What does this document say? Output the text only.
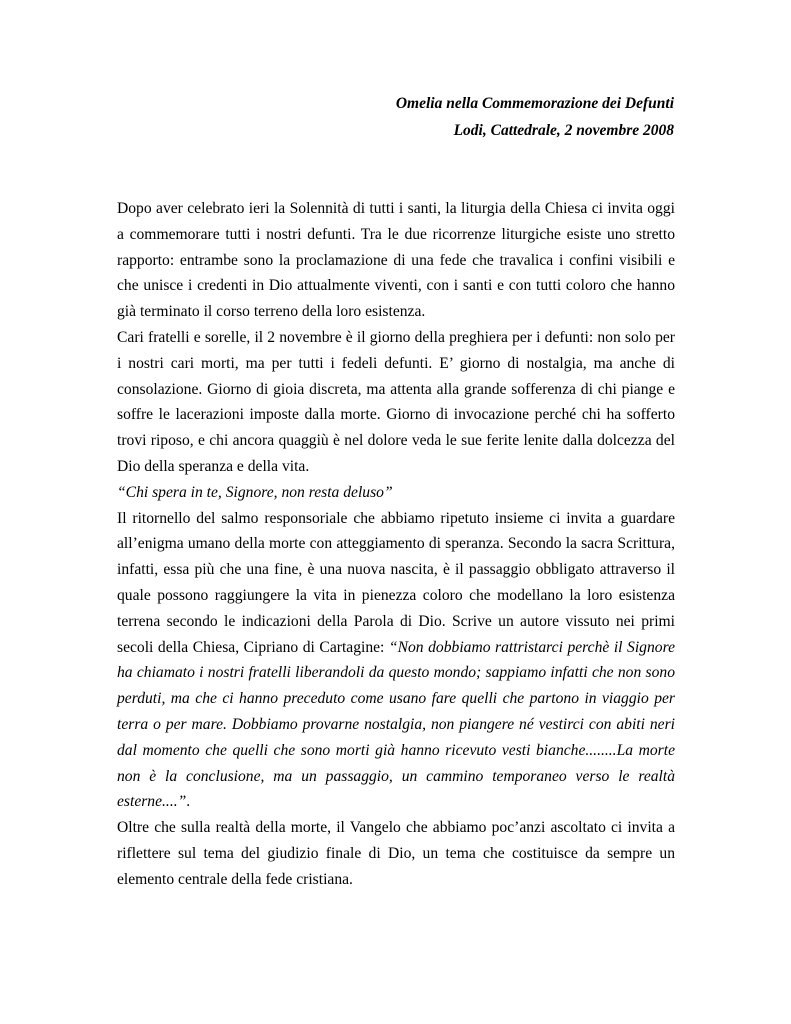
Omelia nella Commemorazione dei Defunti
Lodi, Cattedrale, 2 novembre 2008

Dopo aver celebrato ieri la Solennità di tutti i santi, la liturgia della Chiesa ci invita oggi a commemorare tutti i nostri defunti. Tra le due ricorrenze liturgiche esiste uno stretto rapporto: entrambe sono la proclamazione di una fede che travalica i confini visibili e che unisce i credenti in Dio attualmente viventi, con i santi e con tutti coloro che hanno già terminato il corso terreno della loro esistenza.

Cari fratelli e sorelle, il 2 novembre è il giorno della preghiera per i defunti: non solo per i nostri cari morti, ma per tutti i fedeli defunti. E’ giorno di nostalgia, ma anche di consolazione. Giorno di gioia discreta, ma attenta alla grande sofferenza di chi piange e soffre le lacerazioni imposte dalla morte. Giorno di invocazione perché chi ha sofferto trovi riposo, e chi ancora quaggiù è nel dolore veda le sue ferite lenite dalla dolcezza del Dio della speranza e della vita.

“Chi spera in te, Signore, non resta deluso”

Il ritornello del salmo responsoriale che abbiamo ripetuto insieme ci invita a guardare all’enigma umano della morte con atteggiamento di speranza. Secondo la sacra Scrittura, infatti, essa più che una fine, è una nuova nascita, è il passaggio obbligato attraverso il quale possono raggiungere la vita in pienezza coloro che modellano la loro esistenza terrena secondo le indicazioni della Parola di Dio. Scrive un autore vissuto nei primi secoli della Chiesa, Cipriano di Cartagine: “Non dobbiamo rattristarci perchè il Signore ha chiamato i nostri fratelli liberandoli da questo mondo; sappiamo infatti che non sono perduti, ma che ci hanno preceduto come usano fare quelli che partono in viaggio per terra o per mare. Dobbiamo provarne nostalgia, non piangere né vestirci con abiti neri dal momento che quelli che sono morti già hanno ricevuto vesti bianche........La morte non è la conclusione, ma un passaggio, un cammino temporaneo verso le realtà esterne....”.

Oltre che sulla realtà della morte, il Vangelo che abbiamo poc’anzi ascoltato ci invita a riflettere sul tema del giudizio finale di Dio, un tema che costituisce da sempre un elemento centrale della fede cristiana.
